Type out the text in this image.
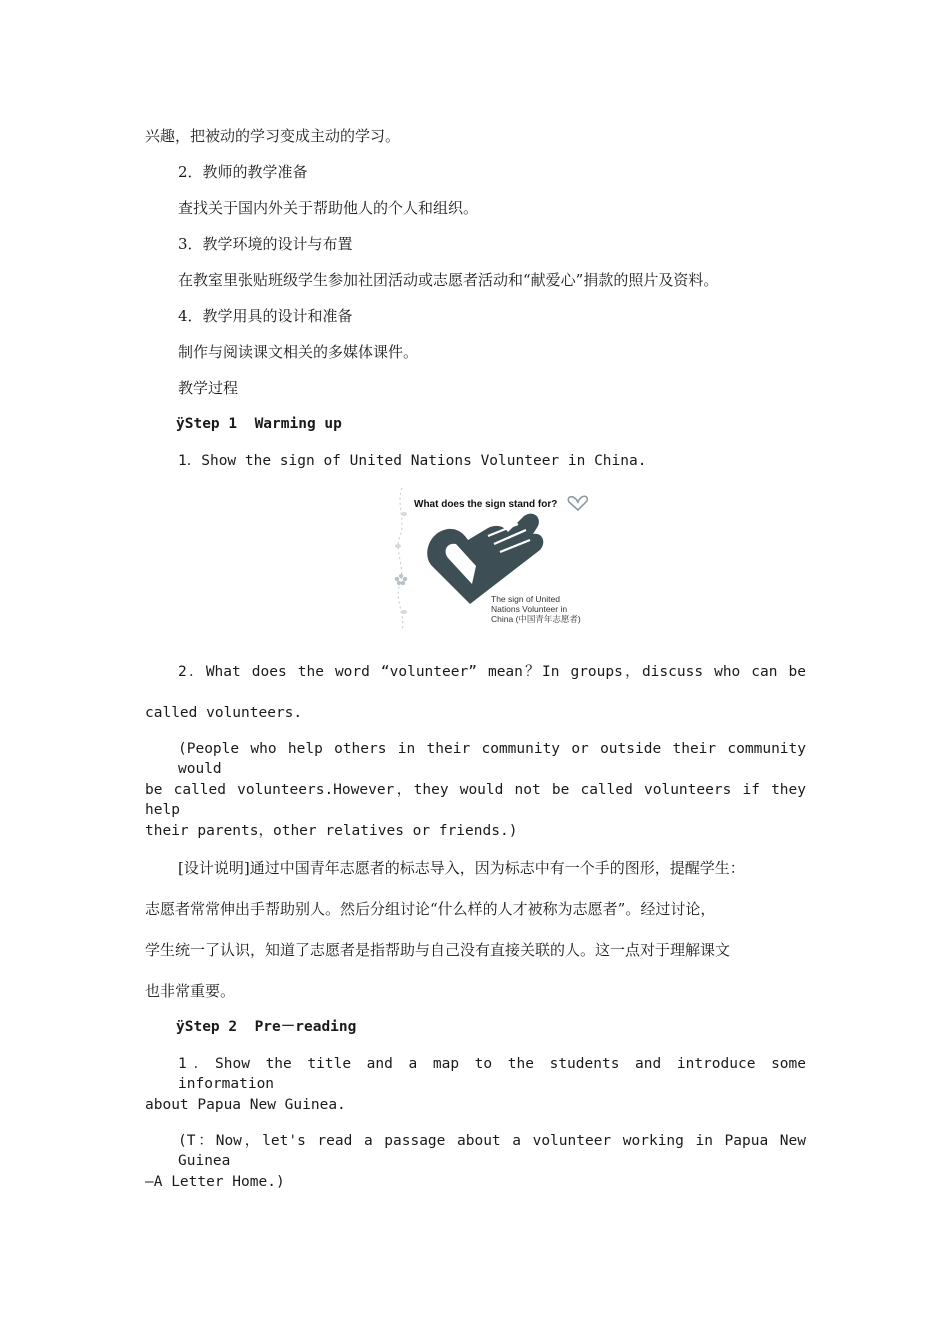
兴趣，把被动的学习变成主动的学习。
2．教师的教学准备
查找关于国内外关于帮助他人的个人和组织。
3．教学环境的设计与布置
在教室里张贴班级学生参加社团活动或志愿者活动和“献爱心”捐款的照片及资料。
4．教学用具的设计和准备
制作与阅读课文相关的多媒体课件。
教学过程
ÿStep 1  Warming up
1．Show the sign of United Nations Volunteer in China.
What does the sign stand for?
The sign of United
Nations Volunteer in
China (中国青年志愿者)
2．What does the word “volunteer” mean？In groups，discuss who can be
called volunteers.
(People who help others in their community or outside their community would
be called volunteers.However，they would not be called volunteers if they help
their parents，other relatives or friends.)
[设计说明]通过中国青年志愿者的标志导入，因为标志中有一个手的图形，提醒学生：
志愿者常常伸出手帮助别人。然后分组讨论“什么样的人才被称为志愿者”。经过讨论，
学生统一了认识，知道了志愿者是指帮助与自己没有直接关联的人。这一点对于理解课文
也非常重要。
ÿStep 2  Pre－reading
1．Show the title and a map to the students and introduce some information
about Papua New Guinea.
(T：Now，let's read a passage about a volunteer working in Papua New Guinea
—A Letter Home.)
